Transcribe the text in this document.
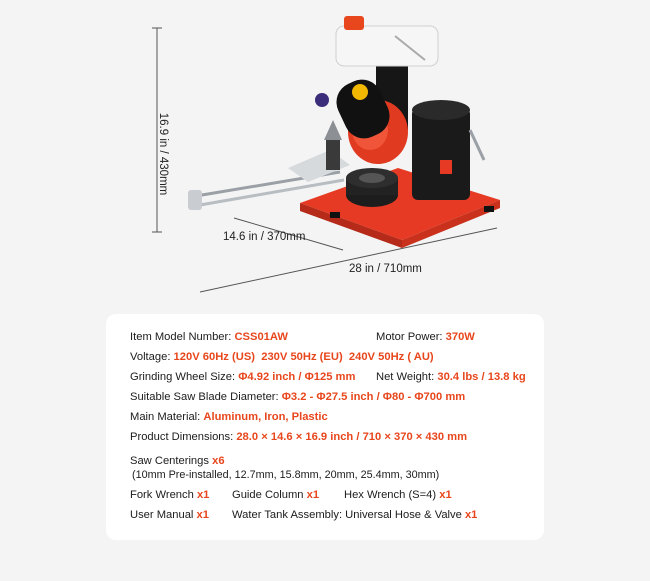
16.9 in / 430mm
14.6 in / 370mm
28 in / 710mm
Item Model Number: CSS01AW	Motor Power: 370W
Voltage: 120V 60Hz (US)  230V 50Hz (EU)  240V 50Hz ( AU)
Grinding Wheel Size: Φ4.92 inch / Φ125 mm Net Weight: 30.4 lbs / 13.8 kg
Suitable Saw Blade Diameter: Φ3.2 - Φ27.5 inch / Φ80 - Φ700 mm
Main Material: Aluminum, Iron, Plastic
Product Dimensions: 28.0 × 14.6 × 16.9 inch / 710 × 370 × 430 mm
Saw Centerings x6
(10mm Pre-installed, 12.7mm, 15.8mm, 20mm, 25.4mm, 30mm)
Fork Wrench x1 Guide Column x1 Hex Wrench (S=4) x1
User Manual x1 Water Tank Assembly: Universal Hose & Valve x1
